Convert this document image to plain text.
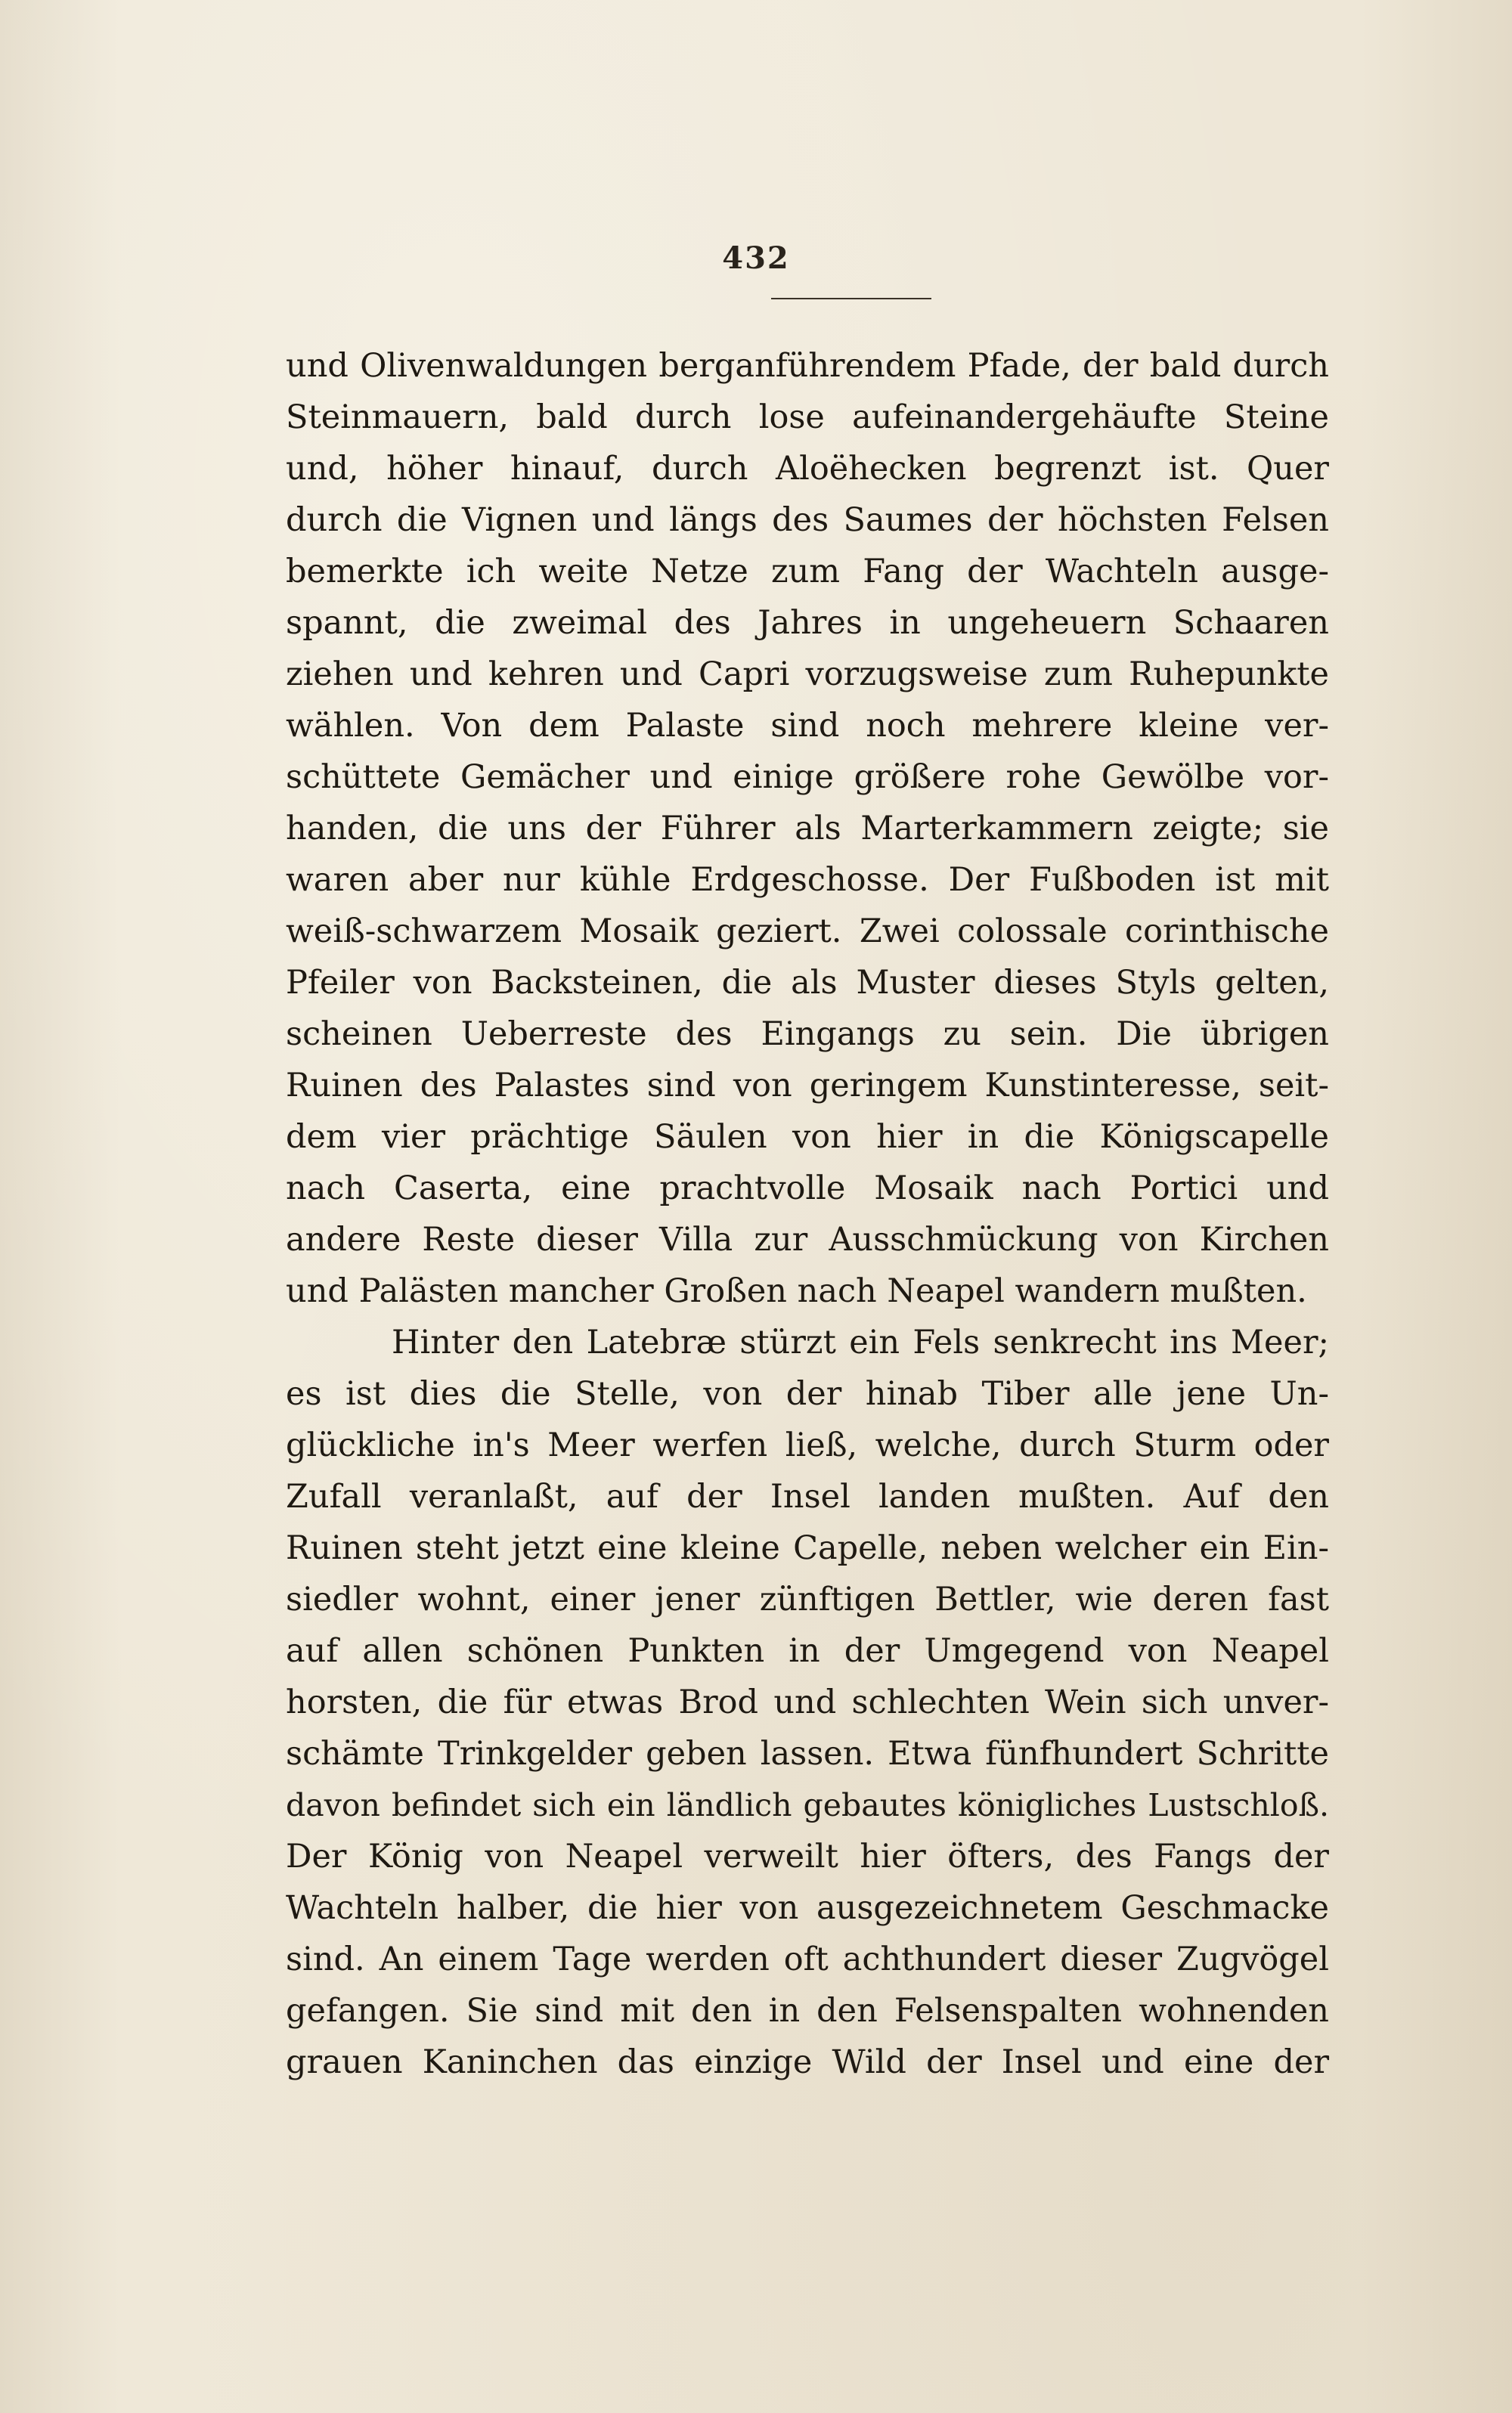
432
und Olivenwaldungen berganführendem Pfade, der bald durch
Steinmauern, bald durch lose aufeinandergehäufte Steine
und, höher hinauf, durch Aloëhecken begrenzt ist. Quer
durch die Vignen und längs des Saumes der höchsten Felsen
bemerkte ich weite Netze zum Fang der Wachteln ausge-
spannt, die zweimal des Jahres in ungeheuern Schaaren
ziehen und kehren und Capri vorzugsweise zum Ruhepunkte
wählen. Von dem Palaste sind noch mehrere kleine ver-
schüttete Gemächer und einige größere rohe Gewölbe vor-
handen, die uns der Führer als Marterkammern zeigte; sie
waren aber nur kühle Erdgeschosse. Der Fußboden ist mit
weiß-schwarzem Mosaik geziert. Zwei colossale corinthische
Pfeiler von Backsteinen, die als Muster dieses Styls gelten,
scheinen Ueberreste des Eingangs zu sein. Die übrigen
Ruinen des Palastes sind von geringem Kunstinteresse, seit-
dem vier prächtige Säulen von hier in die Königscapelle
nach Caserta, eine prachtvolle Mosaik nach Portici und
andere Reste dieser Villa zur Ausschmückung von Kirchen
und Palästen mancher Großen nach Neapel wandern mußten.
Hinter den Latebræ stürzt ein Fels senkrecht ins Meer;
es ist dies die Stelle, von der hinab Tiber alle jene Un-
glückliche in's Meer werfen ließ, welche, durch Sturm oder
Zufall veranlaßt, auf der Insel landen mußten. Auf den
Ruinen steht jetzt eine kleine Capelle, neben welcher ein Ein-
siedler wohnt, einer jener zünftigen Bettler, wie deren fast
auf allen schönen Punkten in der Umgegend von Neapel
horsten, die für etwas Brod und schlechten Wein sich unver-
schämte Trinkgelder geben lassen. Etwa fünfhundert Schritte
davon befindet sich ein ländlich gebautes königliches Lustschloß.
Der König von Neapel verweilt hier öfters, des Fangs der
Wachteln halber, die hier von ausgezeichnetem Geschmacke
sind. An einem Tage werden oft achthundert dieser Zugvögel
gefangen. Sie sind mit den in den Felsenspalten wohnenden
grauen Kaninchen das einzige Wild der Insel und eine der
